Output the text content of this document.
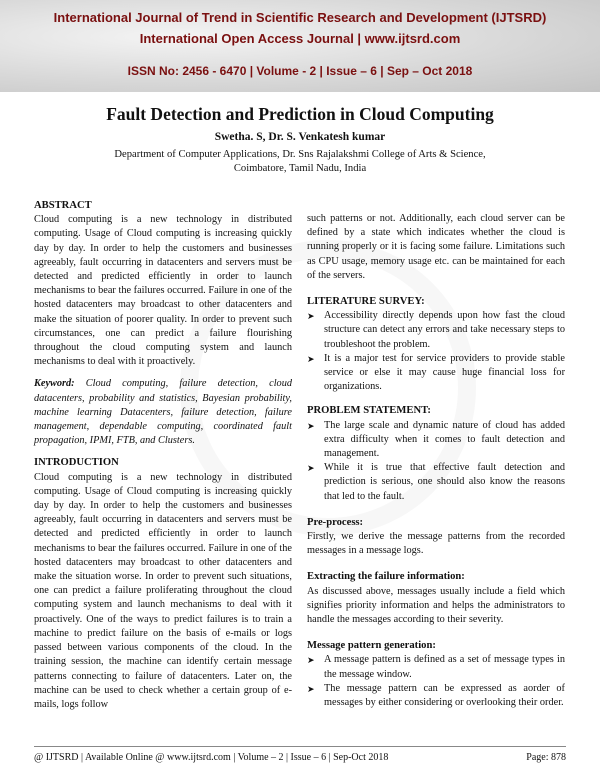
International Journal of Trend in Scientific Research and Development (IJTSRD)
International Open Access Journal | www.ijtsrd.com
ISSN No: 2456 - 6470 | Volume - 2 | Issue – 6 | Sep – Oct 2018
Fault Detection and Prediction in Cloud Computing
Swetha. S, Dr. S. Venkatesh kumar
Department of Computer Applications, Dr. Sns Rajalakshmi College of Arts & Science,
Coimbatore, Tamil Nadu, India

ABSTRACT

Cloud computing is a new technology in distributed computing. Usage of Cloud computing is increasing quickly day by day. In order to help the customers and businesses agreeably, fault occurring in datacenters and servers must be detected and predicted efficiently in order to launch mechanisms to bear the failures occurred. Failure in one of the hosted datacenters may broadcast to other datacenters and make the situation of poorer quality. In order to prevent such circumstances, one can predict a failure flourishing throughout the cloud computing system and launch mechanisms to deal with it proactively.

Keyword: Cloud computing, failure detection, cloud datacenters, probability and statistics, Bayesian probability, machine learning Datacenters, failure detection, failure management, dependable computing, coordinated fault propagation, IPMI, FTB, and Clusters.

INTRODUCTION

Cloud computing is a new technology in distributed computing. Usage of Cloud computing is increasing quickly day by day. In order to help the customers and businesses agreeably, fault occurring in datacenters and servers must be detected and predicted efficiently in order to launch mechanisms to bear the failures occurred. Failure in one of the hosted datacenters may broadcast to other datacenters and make the situation worse. In order to prevent such situations, one can predict a failure proliferating throughout the cloud computing system and launch mechanisms to deal with it proactively. One of the ways to predict failures is to train a machine to predict failure on the basis of e-mails or logs passed between various components of the cloud. In the training session, the machine can identify certain message patterns connecting to failure of datacenters. Later on, the machine can be used to check whether a certain group of e-mails, logs follow

such patterns or not. Additionally, each cloud server can be defined by a state which indicates whether the cloud is running properly or it is facing some failure. Limitations such as CPU usage, memory usage etc. can be maintained for each of the servers.

LITERATURE SURVEY:

➤ Accessibility directly depends upon how fast the cloud structure can detect any errors and take necessary steps to troubleshoot the problem.
➤ It is a major test for service providers to provide stable service or else it may cause huge financial loss for organizations.

PROBLEM STATEMENT:

➤ The large scale and dynamic nature of cloud has added extra difficulty when it comes to fault detection and management.
➤ While it is true that effective fault detection and prediction is serious, one should also know the reasons that led to the fault.

Pre-process:

Firstly, we derive the message patterns from the recorded messages in a message logs.

Extracting the failure information:

As discussed above, messages usually include a field which signifies priority information and helps the administrators to handle the messages according to their severity.

Message pattern generation:

➤ A message pattern is defined as a set of message types in the message window.
➤ The message pattern can be expressed as aorder of messages by either considering or overlooking their order.
@ IJTSRD | Available Online @ www.ijtsrd.com | Volume – 2 | Issue – 6 | Sep-Oct 2018	Page: 878
